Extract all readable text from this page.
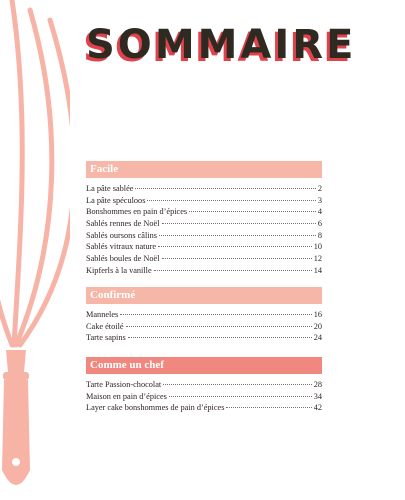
SOMMAIRE
Facile
La pâte sablée	2
La pâte spéculoos	3
Bonshommes en pain d’épices	4
Sablés rennes de Noël	6
Sablés oursons câlins	8
Sablés vitraux nature	10
Sablés boules de Noël	12
Kipferls à la vanille	14
Confirmé
Manneles	16
Cake étoilé	20
Tarte sapins	24
Comme un chef
Tarte Passion-chocolat	28
Maison en pain d’épices	34
Layer cake bonshommes de pain d’épices	42
